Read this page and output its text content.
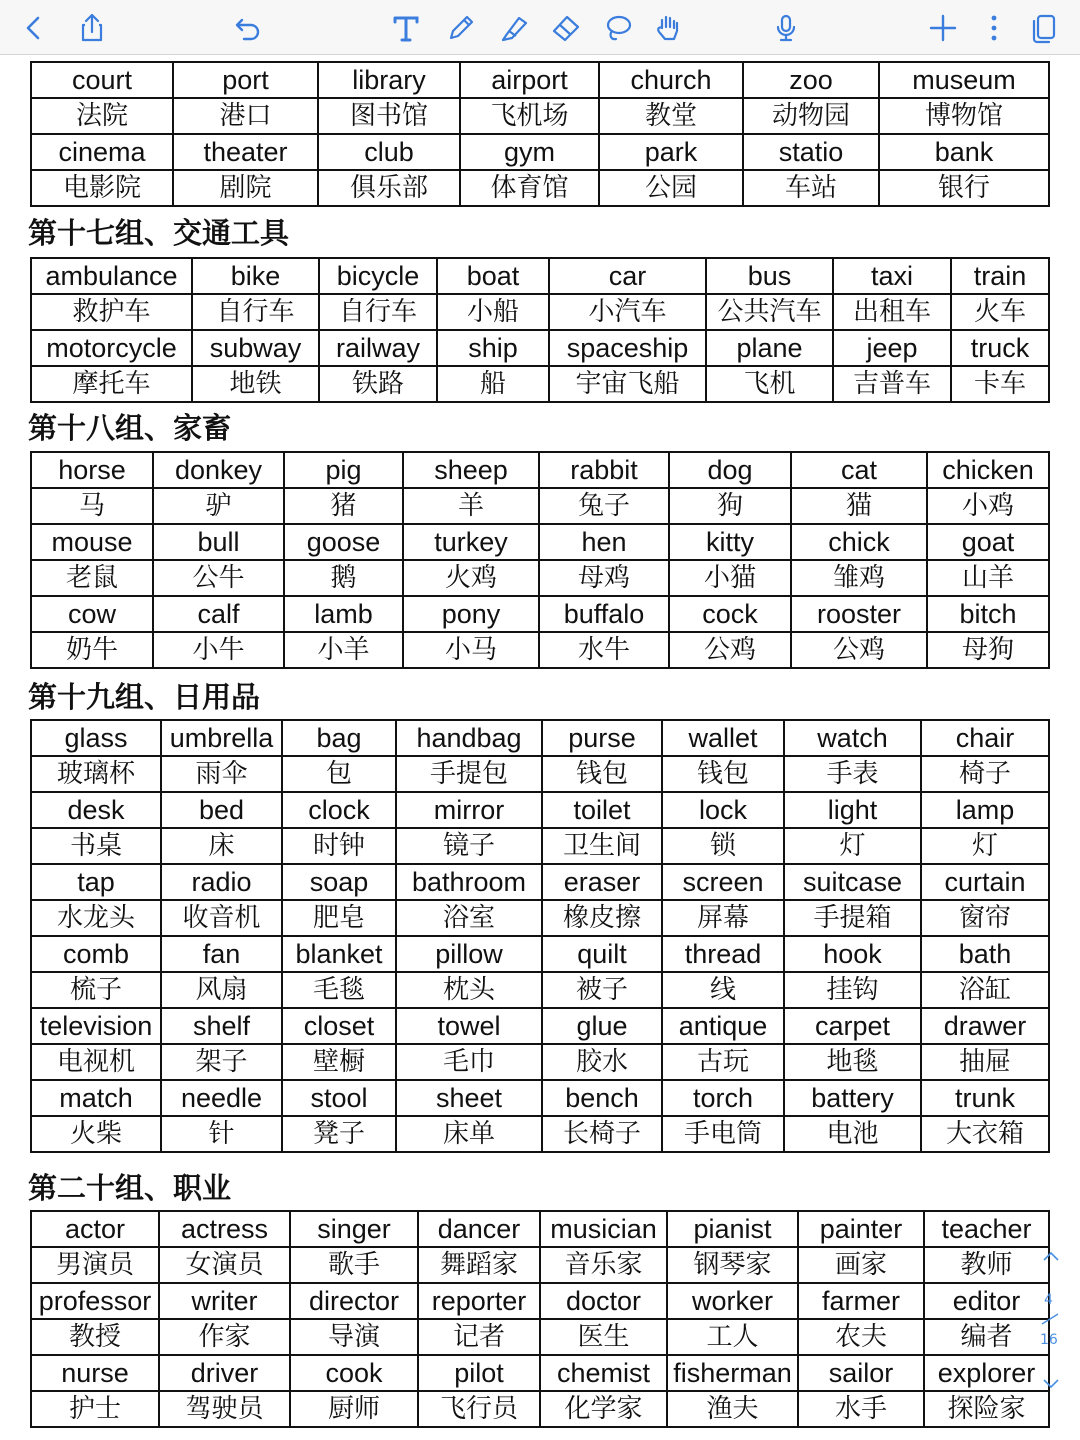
court	port	library	airport	church	zoo	museum
法院	港口	图书馆	飞机场	教堂	动物园	博物馆
cinema	theater	club	gym	park	statio	bank
电影院	剧院	俱乐部	体育馆	公园	车站	银行
第十七组、交通工具
ambulance	bike	bicycle	boat	car	bus	taxi	train
救护车	自行车	自行车	小船	小汽车	公共汽车	出租车	火车
motorcycle	subway	railway	ship	spaceship	plane	jeep	truck
摩托车	地铁	铁路	船	宇宙飞船	飞机	吉普车	卡车
第十八组、家畜
horse	donkey	pig	sheep	rabbit	dog	cat	chicken
马	驴	猪	羊	兔子	狗	猫	小鸡
mouse	bull	goose	turkey	hen	kitty	chick	goat
老鼠	公牛	鹅	火鸡	母鸡	小猫	雏鸡	山羊
cow	calf	lamb	pony	buffalo	cock	rooster	bitch
奶牛	小牛	小羊	小马	水牛	公鸡	公鸡	母狗
第十九组、日用品
glass	umbrella	bag	handbag	purse	wallet	watch	chair
玻璃杯	雨伞	包	手提包	钱包	钱包	手表	椅子
desk	bed	clock	mirror	toilet	lock	light	lamp
书桌	床	时钟	镜子	卫生间	锁	灯	灯
tap	radio	soap	bathroom	eraser	screen	suitcase	curtain
水龙头	收音机	肥皂	浴室	橡皮擦	屏幕	手提箱	窗帘
comb	fan	blanket	pillow	quilt	thread	hook	bath
梳子	风扇	毛毯	枕头	被子	线	挂钩	浴缸
television	shelf	closet	towel	glue	antique	carpet	drawer
电视机	架子	壁橱	毛巾	胶水	古玩	地毯	抽屉
match	needle	stool	sheet	bench	torch	battery	trunk
火柴	针	凳子	床单	长椅子	手电筒	电池	大衣箱
第二十组、职业
actor	actress	singer	dancer	musician	pianist	painter	teacher
男演员	女演员	歌手	舞蹈家	音乐家	钢琴家	画家	教师
professor	writer	director	reporter	doctor	worker	farmer	editor
教授	作家	导演	记者	医生	工人	农夫	编者
nurse	driver	cook	pilot	chemist	fisherman	sailor	explorer
护士	驾驶员	厨师	飞行员	化学家	渔夫	水手	探险家
4
16
